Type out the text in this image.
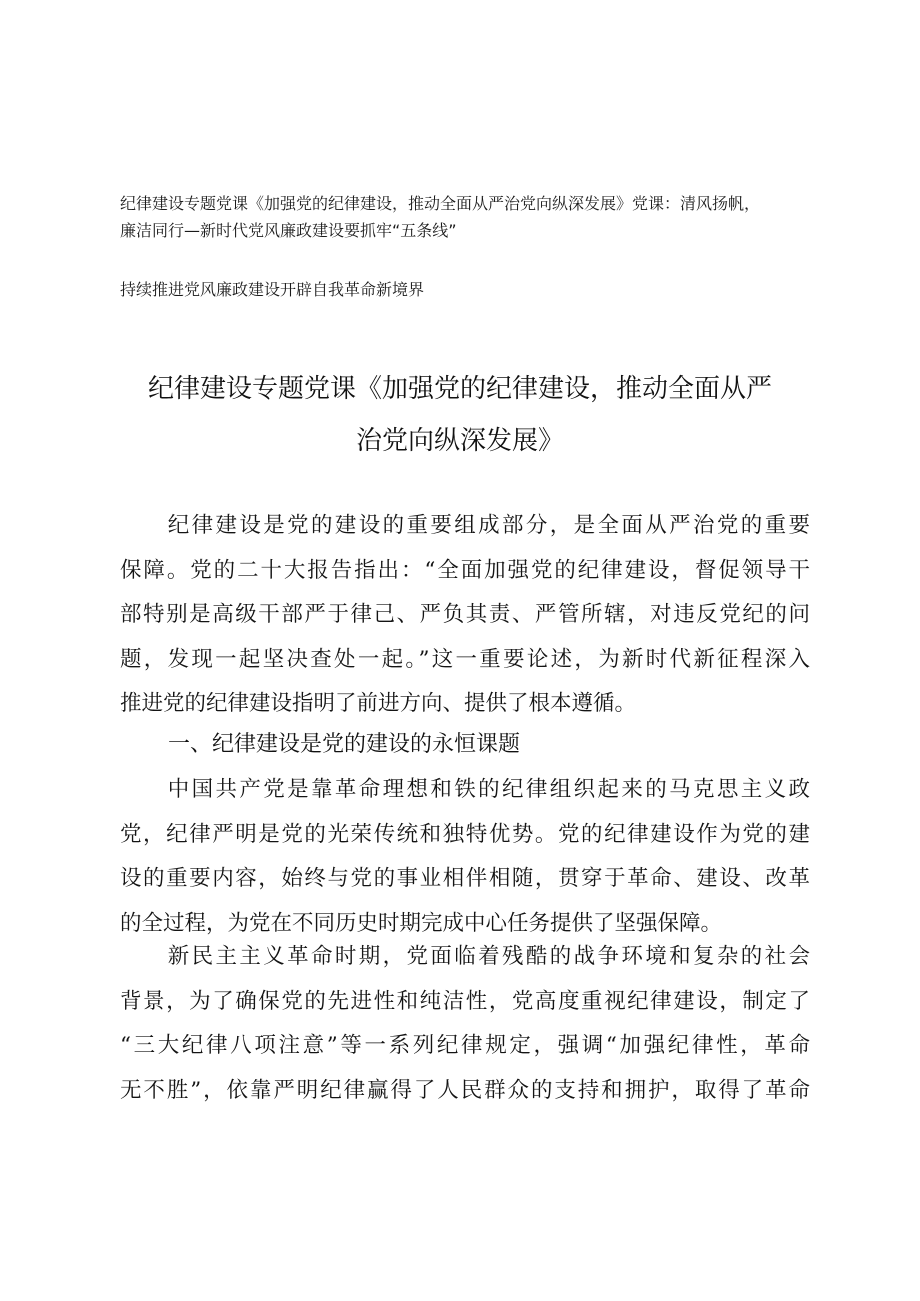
纪律建设专题党课《加强党的纪律建设，推动全面从严治党向纵深发展》党课：清风扬帆，
廉洁同行—新时代党风廉政建设要抓牢“五条线”
持续推进党风廉政建设开辟自我革命新境界
纪律建设专题党课《加强党的纪律建设，推动全面从严
治党向纵深发展》
　　纪律建设是党的建设的重要组成部分，是全面从严治党的重要
保障。党的二十大报告指出：“全面加强党的纪律建设，督促领导干
部特别是高级干部严于律己、严负其责、严管所辖，对违反党纪的问
题，发现一起坚决查处一起。”这一重要论述，为新时代新征程深入
推进党的纪律建设指明了前进方向、提供了根本遵循。
一、纪律建设是党的建设的永恒课题
　　中国共产党是靠革命理想和铁的纪律组织起来的马克思主义政
党，纪律严明是党的光荣传统和独特优势。党的纪律建设作为党的建
设的重要内容，始终与党的事业相伴相随，贯穿于革命、建设、改革
的全过程，为党在不同历史时期完成中心任务提供了坚强保障。
　　新民主主义革命时期，党面临着残酷的战争环境和复杂的社会
背景，为了确保党的先进性和纯洁性，党高度重视纪律建设，制定了
“三大纪律八项注意”等一系列纪律规定，强调“加强纪律性，革命
无不胜”，依靠严明纪律赢得了人民群众的支持和拥护，取得了革命
